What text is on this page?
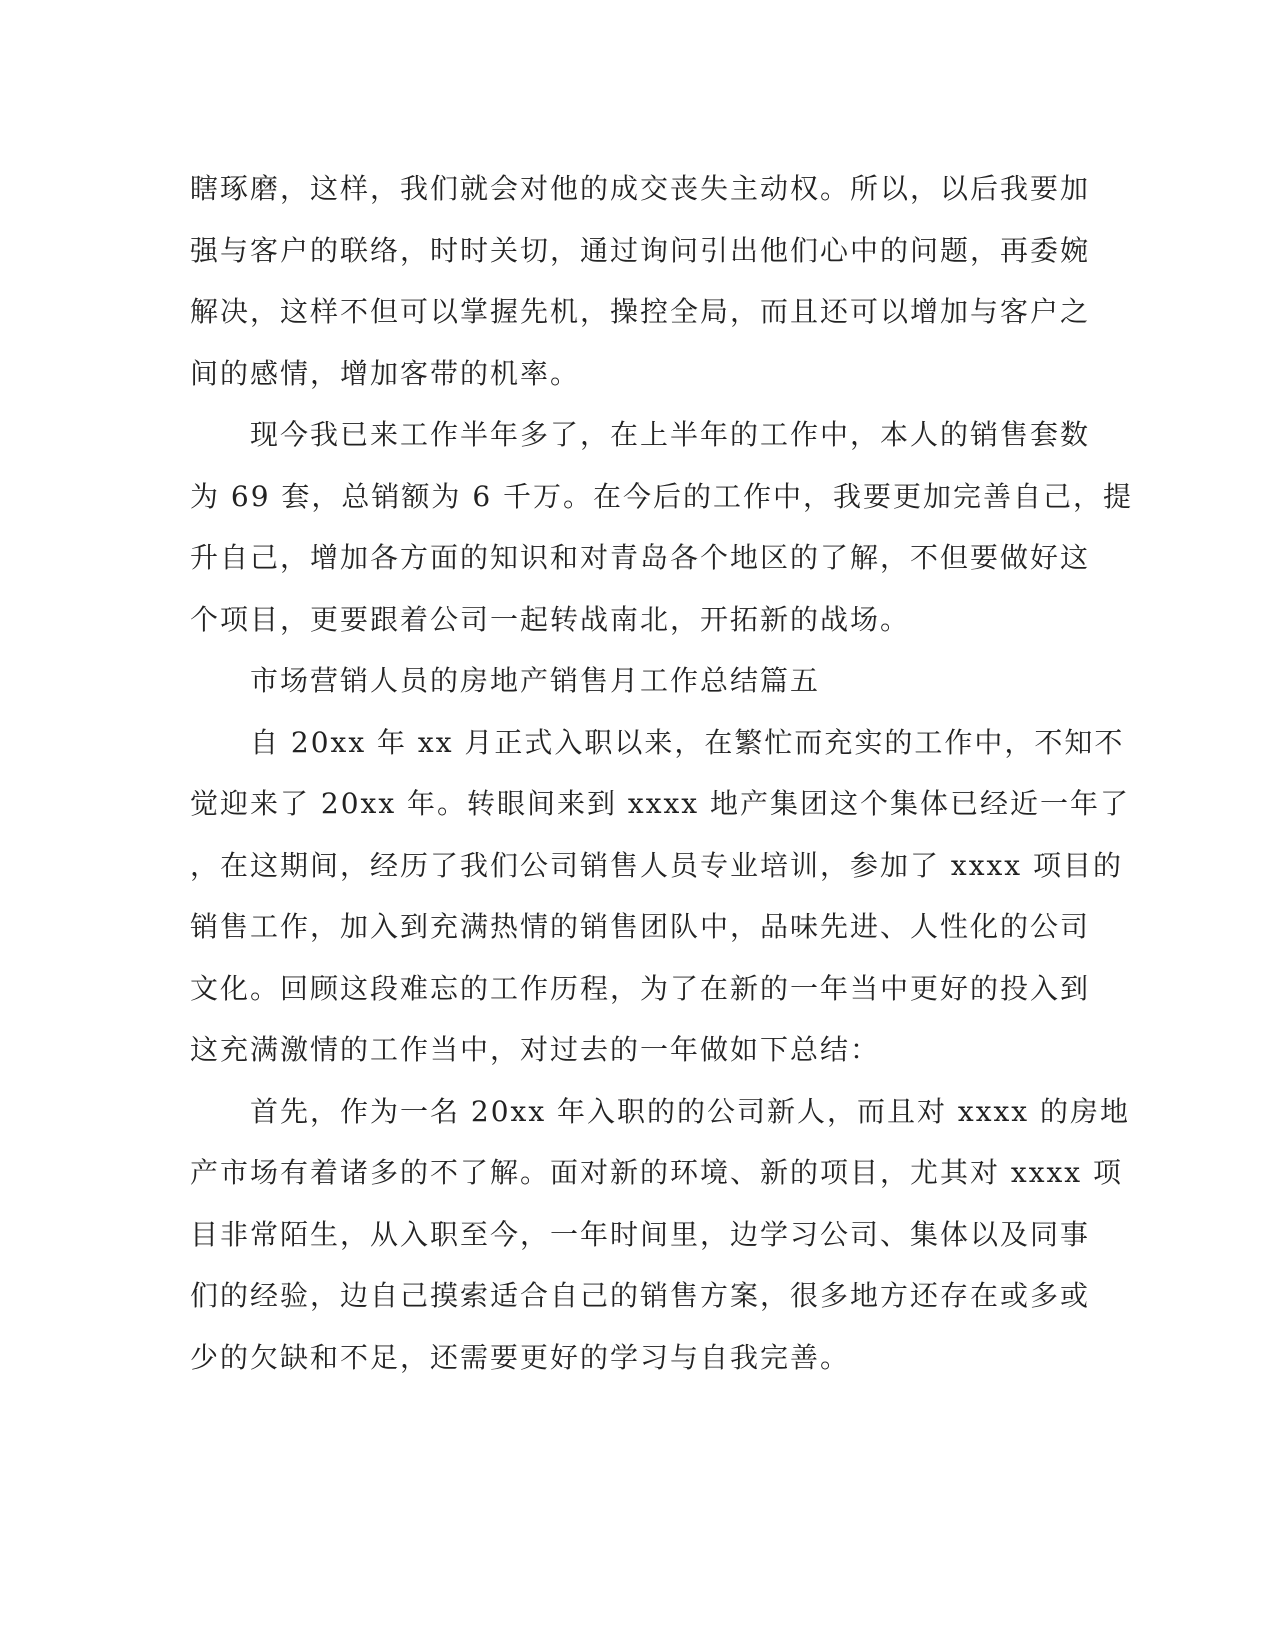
瞎琢磨，这样，我们就会对他的成交丧失主动权。所以，以后我要加
强与客户的联络，时时关切，通过询问引出他们心中的问题，再委婉
解决，这样不但可以掌握先机，操控全局，而且还可以增加与客户之
间的感情，增加客带的机率。
　　现今我已来工作半年多了，在上半年的工作中，本人的销售套数
为 69 套，总销额为 6 千万。在今后的工作中，我要更加完善自己，提
升自己，增加各方面的知识和对青岛各个地区的了解，不但要做好这
个项目，更要跟着公司一起转战南北，开拓新的战场。
　　市场营销人员的房地产销售月工作总结篇五
　　自 20xx 年 xx 月正式入职以来，在繁忙而充实的工作中，不知不
觉迎来了 20xx 年。转眼间来到 xxxx 地产集团这个集体已经近一年了
，在这期间，经历了我们公司销售人员专业培训，参加了 xxxx 项目的
销售工作，加入到充满热情的销售团队中，品味先进、人性化的公司
文化。回顾这段难忘的工作历程，为了在新的一年当中更好的投入到
这充满激情的工作当中，对过去的一年做如下总结：
　　首先，作为一名 20xx 年入职的的公司新人，而且对 xxxx 的房地
产市场有着诸多的不了解。面对新的环境、新的项目，尤其对 xxxx 项
目非常陌生，从入职至今，一年时间里，边学习公司、集体以及同事
们的经验，边自己摸索适合自己的销售方案，很多地方还存在或多或
少的欠缺和不足，还需要更好的学习与自我完善。
